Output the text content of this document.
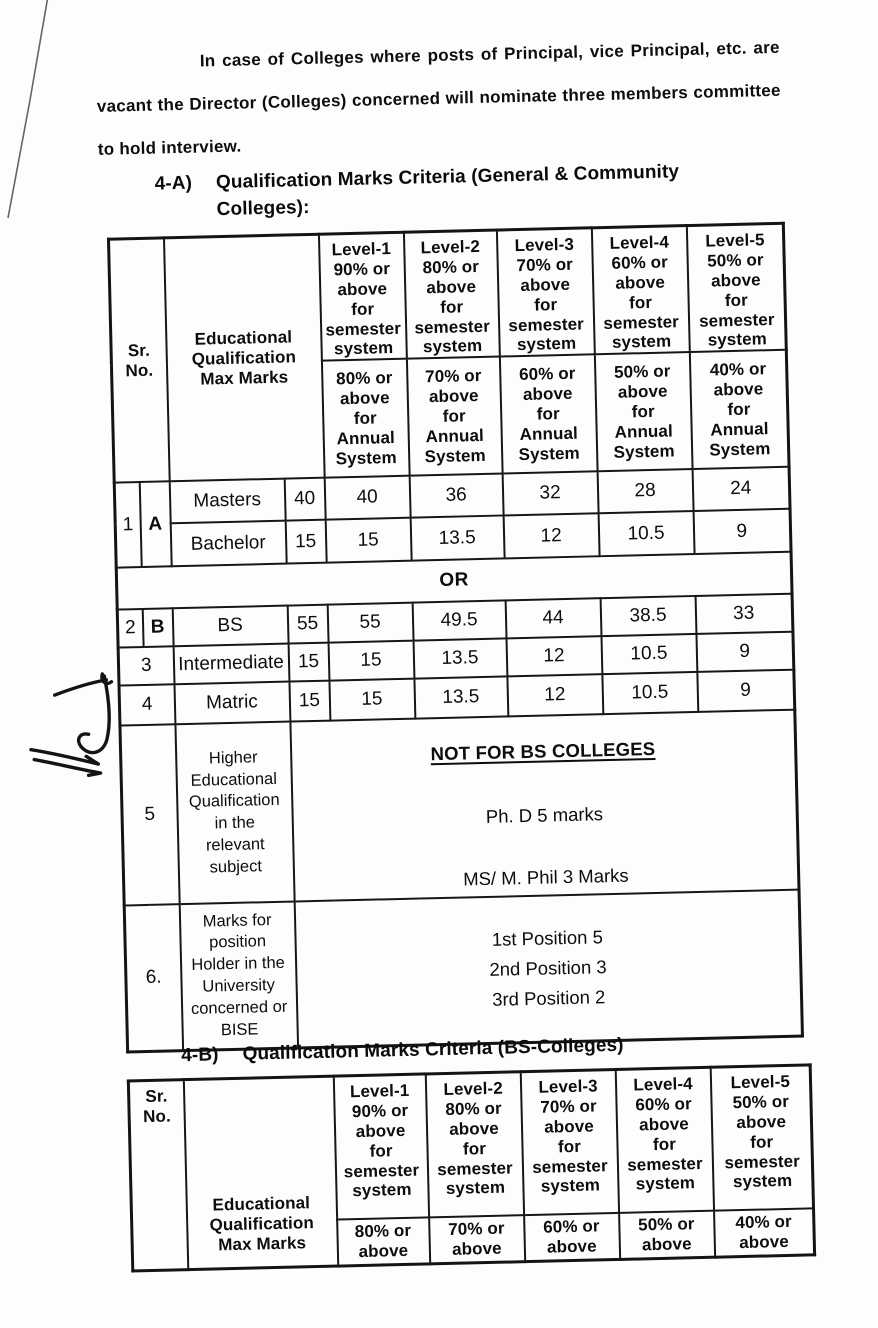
In case of Colleges where posts of Principal, vice Principal, etc. are
vacant the Director (Colleges) concerned will nominate three members committee
to hold interview.
4-A) Qualification Marks Criteria (General & Community
Colleges):
Sr.
No.	Educational
Qualification
Max Marks	Level-1
90% or
above
for
semester
system	Level-2
80% or
above
for
semester
system	Level-3
70% or
above
for
semester
system	Level-4
60% or
above
for
semester
system	Level-5
50% or
above
for
semester
system
				80% or
above
for
Annual
System	70% or
above
for
Annual
System	60% or
above
for
Annual
System	50% or
above
for
Annual
System	40% or
above
for
Annual
System
1	A	Masters	40	40	36	32	28	24
		Bachelor	15	15	13.5	12	10.5	9
OR								
2	B	BS	55	55	49.5	44	38.5	33
3		Intermediate	15	15	13.5	12	10.5	9
4		Matric	15	15	13.5	12	10.5	9
5	Higher
Educational
Qualification
in the
relevant
subject	
NOT FOR BS COLLEGES
Ph. D 5 marks
MS/ M. Phil 3 Marks

6.	Marks for
position
Holder in the
University
concerned or
BISE	
1st Position 5
2nd Position 3
3rd Position 2
4-B) Qualification Marks Criteria (BS-Colleges)
Sr.
No.	Educational
Qualification
Max Marks	Level-1
90% or
above
for
semester
system	Level-2
80% or
above
for
semester
system	Level-3
70% or
above
for
semester
system	Level-4
60% or
above
for
semester
system	Level-5
50% or
above
for
semester
system
		80% or
above	70% or
above	60% or
above	50% or
above	40% or
above
